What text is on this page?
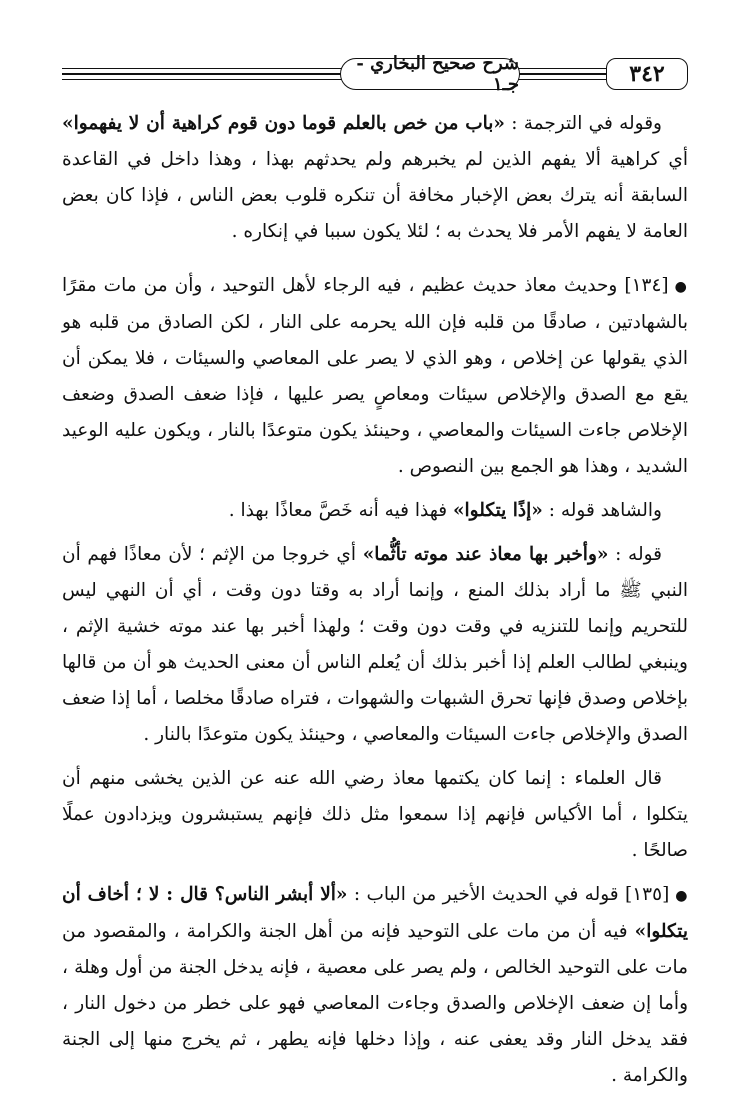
٣٤٢
شرح صحيح البخاري - جـ١

وقوله في الترجمة : «باب من خص بالعلم قوما دون قوم كراهية أن لا يفهموا» أي كراهية ألا يفهم الذين لم يخبرهم ولم يحدثهم بهذا ، وهذا داخل في القاعدة السابقة أنه يترك بعض الإخبار مخافة أن تنكره قلوب بعض الناس ، فإذا كان بعض العامة لا يفهم الأمر فلا يحدث به ؛ لئلا يكون سببا في إنكاره .

●[١٣٤] وحديث معاذ حديث عظيم ، فيه الرجاء لأهل التوحيد ، وأن من مات مقرًا بالشهادتين ، صادقًا من قلبه فإن الله يحرمه على النار ، لكن الصادق من قلبه هو الذي يقولها عن إخلاص ، وهو الذي لا يصر على المعاصي والسيئات ، فلا يمكن أن يقع مع الصدق والإخلاص سيئات ومعاصٍ يصر عليها ، فإذا ضعف الصدق وضعف الإخلاص جاءت السيئات والمعاصي ، وحينئذ يكون متوعدًا بالنار ، ويكون عليه الوعيد الشديد ، وهذا هو الجمع بين النصوص .

والشاهد قوله : «إذًا يتكلوا» فهذا فيه أنه خَصَّ معاذًا بهذا .

قوله : «وأخبر بها معاذ عند موته تأثُّما» أي خروجا من الإثم ؛ لأن معاذًا فهم أن النبي ﷺ ما أراد بذلك المنع ، وإنما أراد به وقتا دون وقت ، أي أن النهي ليس للتحريم وإنما للتنزيه في وقت دون وقت ؛ ولهذا أخبر بها عند موته خشية الإثم ، وينبغي لطالب العلم إذا أخبر بذلك أن يُعلم الناس أن معنى الحديث هو أن من قالها بإخلاص وصدق فإنها تحرق الشبهات والشهوات ، فتراه صادقًا مخلصا ، أما إذا ضعف الصدق والإخلاص جاءت السيئات والمعاصي ، وحينئذ يكون متوعدًا بالنار .

قال العلماء : إنما كان يكتمها معاذ رضي الله عنه عن الذين يخشى منهم أن يتكلوا ، أما الأكياس فإنهم إذا سمعوا مثل ذلك فإنهم يستبشرون ويزدادون عملًا صالحًا .

●[١٣٥] قوله في الحديث الأخير من الباب : «ألا أبشر الناس؟ قال : لا ؛ أخاف أن يتكلوا» فيه أن من مات على التوحيد فإنه من أهل الجنة والكرامة ، والمقصود من مات على التوحيد الخالص ، ولم يصر على معصية ، فإنه يدخل الجنة من أول وهلة ، وأما إن ضعف الإخلاص والصدق وجاءت المعاصي فهو على خطر من دخول النار ، فقد يدخل النار وقد يعفى عنه ، وإذا دخلها فإنه يطهر ، ثم يخرج منها إلى الجنة والكرامة .
